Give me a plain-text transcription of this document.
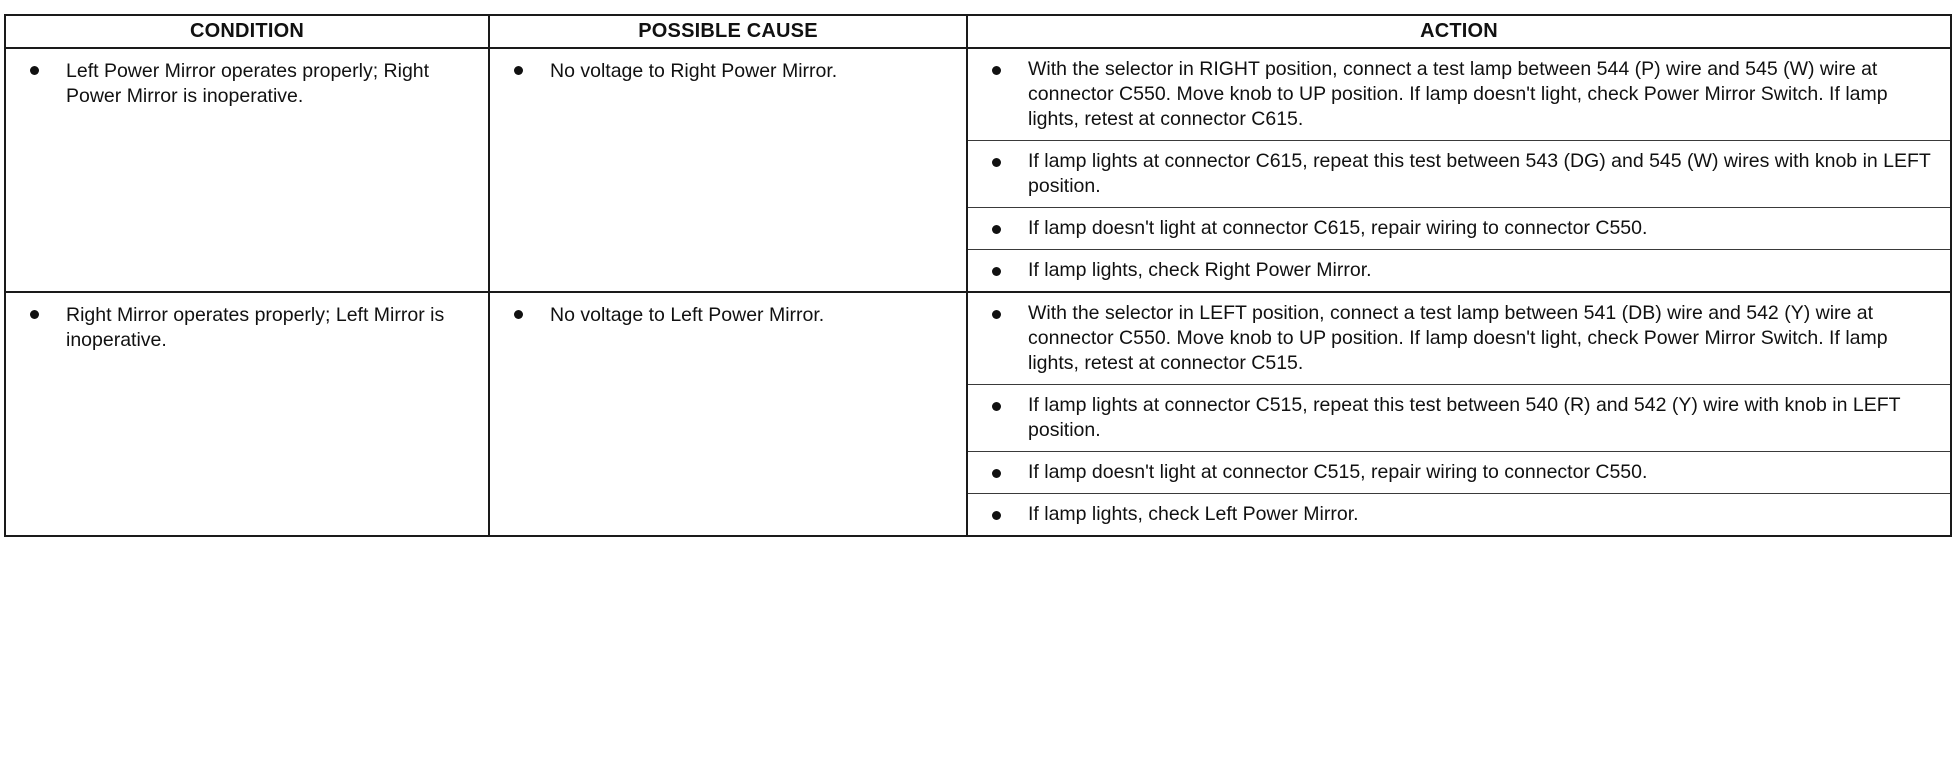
CONDITION	POSSIBLE CAUSE	ACTION

Left Power Mirror operates properly; Right Power Mirror is inoperative.	No voltage to Right Power Mirror.	With the selector in RIGHT position, connect a test lamp between 544 (P) wire and 545 (W) wire at connector C550. Move knob to UP position. If lamp doesn't light, check Power Mirror Switch. If lamp lights, retest at connector C615.
If lamp lights at connector C615, repeat this test between 543 (DG) and 545 (W) wires with knob in LEFT position.
If lamp doesn't light at connector C615, repair wiring to connector C550.
If lamp lights, check Right Power Mirror.

Right Mirror operates properly; Left Mirror is inoperative.	No voltage to Left Power Mirror.	With the selector in LEFT position, connect a test lamp between 541 (DB) wire and 542 (Y) wire at connector C550. Move knob to UP position. If lamp doesn't light, check Power Mirror Switch. If lamp lights, retest at connector C515.
If lamp lights at connector C515, repeat this test between 540 (R) and 542 (Y) wire with knob in LEFT position.
If lamp doesn't light at connector C515, repair wiring to connector C550.
If lamp lights, check Left Power Mirror.
